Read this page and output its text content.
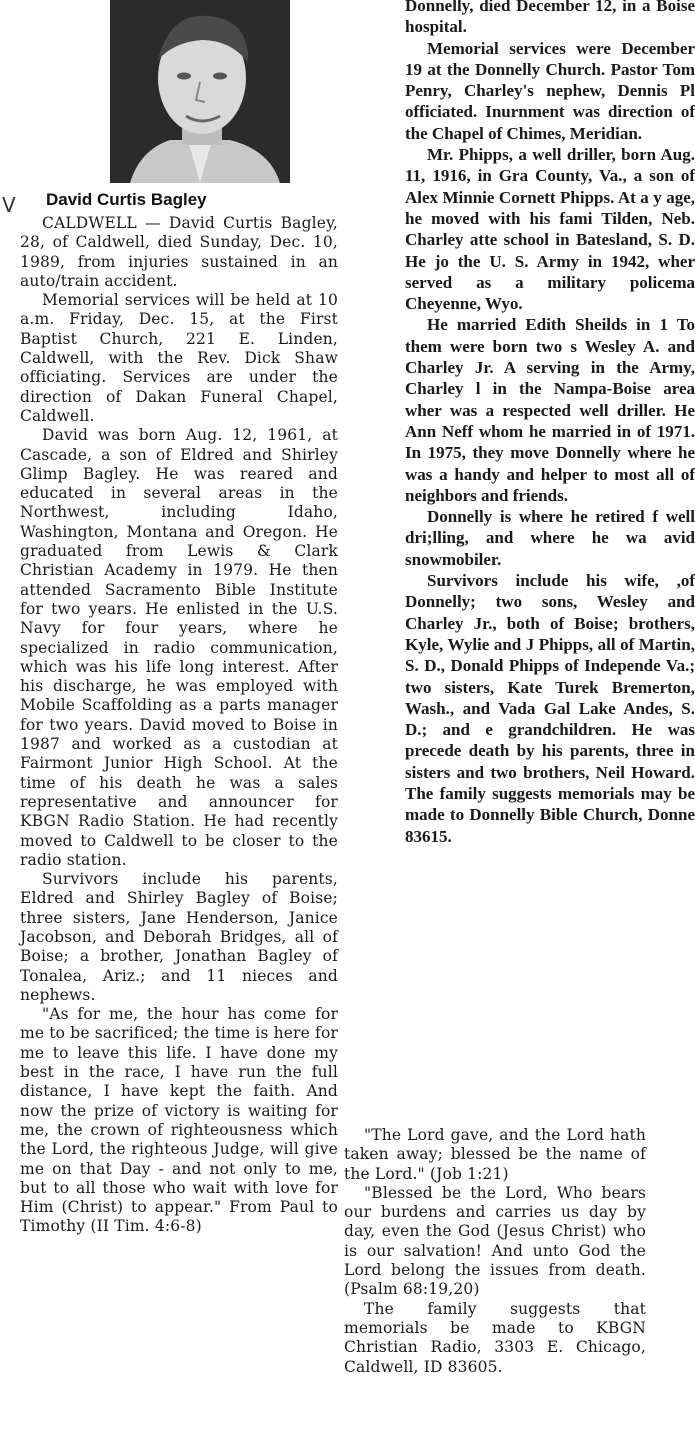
V David Curtis Bagley

CALDWELL — David Curtis Bagley, 28, of Caldwell, died Sunday, Dec. 10, 1989, from injuries sustained in an auto/train accident.

Memorial services will be held at 10 a.m. Friday, Dec. 15, at the First Baptist Church, 221 E. Linden, Caldwell, with the Rev. Dick Shaw officiating. Services are under the direction of Dakan Funeral Chapel, Caldwell.

David was born Aug. 12, 1961, at Cascade, a son of Eldred and Shirley Glimp Bagley. He was reared and educated in several areas in the Northwest, including Idaho, Washington, Montana and Oregon. He graduated from Lewis & Clark Christian Academy in 1979. He then attended Sacramento Bible Institute for two years. He enlisted in the U.S. Navy for four years, where he specialized in radio communication, which was his life long interest. After his discharge, he was employed with Mobile Scaffolding as a parts manager for two years. David moved to Boise in 1987 and worked as a custodian at Fairmont Junior High School. At the time of his death he was a sales representative and announcer for KBGN Radio Station. He had recently moved to Caldwell to be closer to the radio station.

Survivors include his parents, Eldred and Shirley Bagley of Boise; three sisters, Jane Henderson, Janice Jacobson, and Deborah Bridges, all of Boise; a brother, Jonathan Bagley of Tonalea, Ariz.; and 11 nieces and nephews.

"As for me, the hour has come for me to be sacrificed; the time is here for me to leave this life. I have done my best in the race, I have run the full distance, I have kept the faith. And now the prize of victory is waiting for me, the crown of righteousness which the Lord, the righteous Judge, will give me on that Day - and not only to me, but to all those who wait with love for Him (Christ) to appear." From Paul to Timothy (II Tim. 4:6-8)

Donnelly, died December 12, in a Boise hospital.

Memorial services were December 19 at the Donnelly Church. Pastor Tom Penry, Charley's nephew, Dennis Pl officiated. Inurnment was direction of the Chapel of Chimes, Meridian.

Mr. Phipps, a well driller, born Aug. 11, 1916, in Gra County, Va., a son of Alex Minnie Cornett Phipps. At a y age, he moved with his fami Tilden, Neb. Charley atte school in Batesland, S. D. He jo the U. S. Army in 1942, wher served as a military policema Cheyenne, Wyo.

He married Edith Sheilds in 1 To them were born two s Wesley A. and Charley Jr. A serving in the Army, Charley l in the Nampa-Boise area wher was a respected well driller. He Ann Neff whom he married in of 1971. In 1975, they move Donnelly where he was a handy and helper to most all of neighbors and friends.

Donnelly is where he retired f well dri;lling, and where he wa avid snowmobiler.

Survivors include his wife, ,of Donnelly; two sons, Wesley and Charley Jr., both of Boise; brothers, Kyle, Wylie and J Phipps, all of Martin, S. D., Donald Phipps of Independe Va.; two sisters, Kate Turek Bremerton, Wash., and Vada Gal Lake Andes, S. D.; and e grandchildren. He was precede death by his parents, three in sisters and two brothers, Neil Howard. The family suggests memorials may be made to Donnelly Bible Church, Donne 83615.

"The Lord gave, and the Lord hath taken away; blessed be the name of the Lord." (Job 1:21)

"Blessed be the Lord, Who bears our burdens and carries us day by day, even the God (Jesus Christ) who is our salvation! And unto God the Lord belong the issues from death. (Psalm 68:19,20)

The family suggests that memorials be made to KBGN Christian Radio, 3303 E. Chicago, Caldwell, ID 83605.
